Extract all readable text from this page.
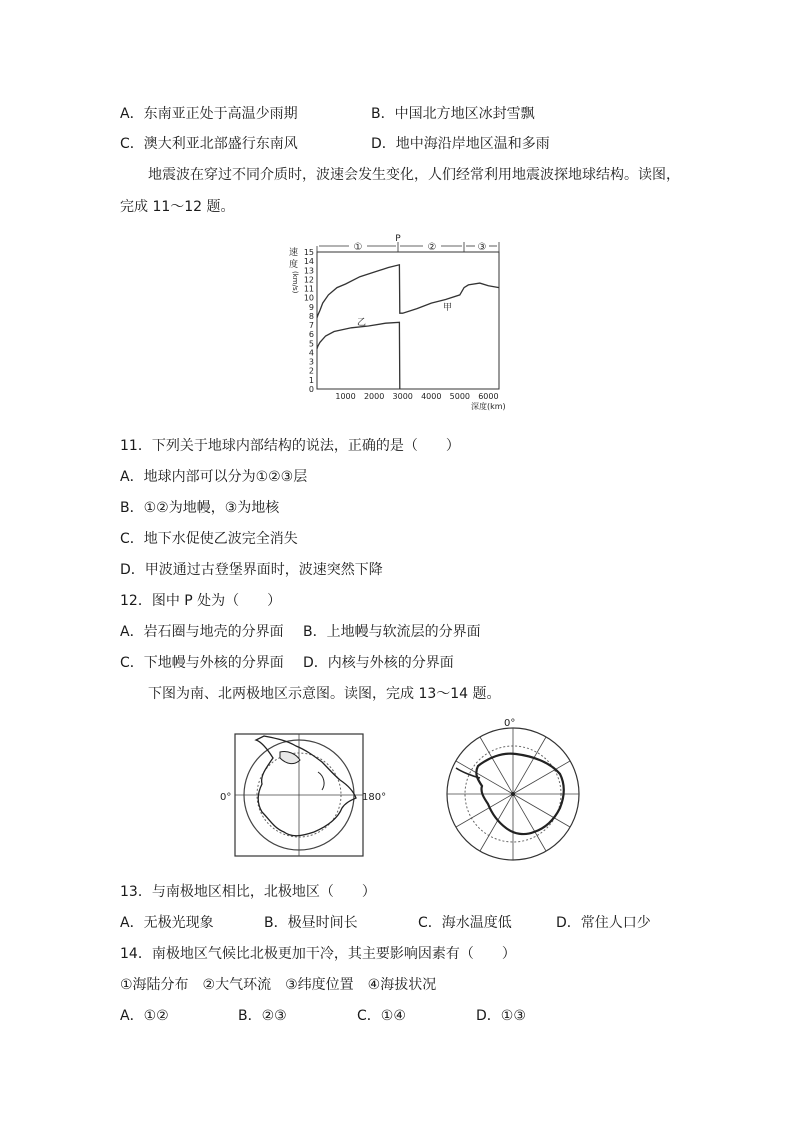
A．东南亚正处于高温少雨期	B．中国北方地区冰封雪飘
C．澳大利亚北部盛行东南风	D．地中海沿岸地区温和多雨
地震波在穿过不同介质时，波速会发生变化，人们经常利用地震波探地球结构。读图，
完成 11～12 题。
速
度
(km/s)
0
1
2
3
4
5
6
7
8
9
10
11
12
13
14
15
1000 2000 3000 4000 5000 6000
①
P
②	③
甲
乙
深度(km)
11．下列关于地球内部结构的说法，正确的是（　　）
A．地球内部可以分为①②③层
B．①②为地幔，③为地核
C．地下水促使乙波完全消失
D．甲波通过古登堡界面时，波速突然下降
12．图中 P 处为（　　）
A．岩石圈与地壳的分界面 B．上地幔与软流层的分界面
C．下地幔与外核的分界面 D．内核与外核的分界面
下图为南、北两极地区示意图。读图，完成 13～14 题。
0°	180°
0°
13．与南极地区相比，北极地区（　　）
A．无极光现象	B．极昼时间长	C．海水温度低	D．常住人口少
14．南极地区气候比北极更加干冷，其主要影响因素有（　　）
①海陆分布　②大气环流　③纬度位置　④海拔状况
A．①②	B．②③	C．①④	D．①③
